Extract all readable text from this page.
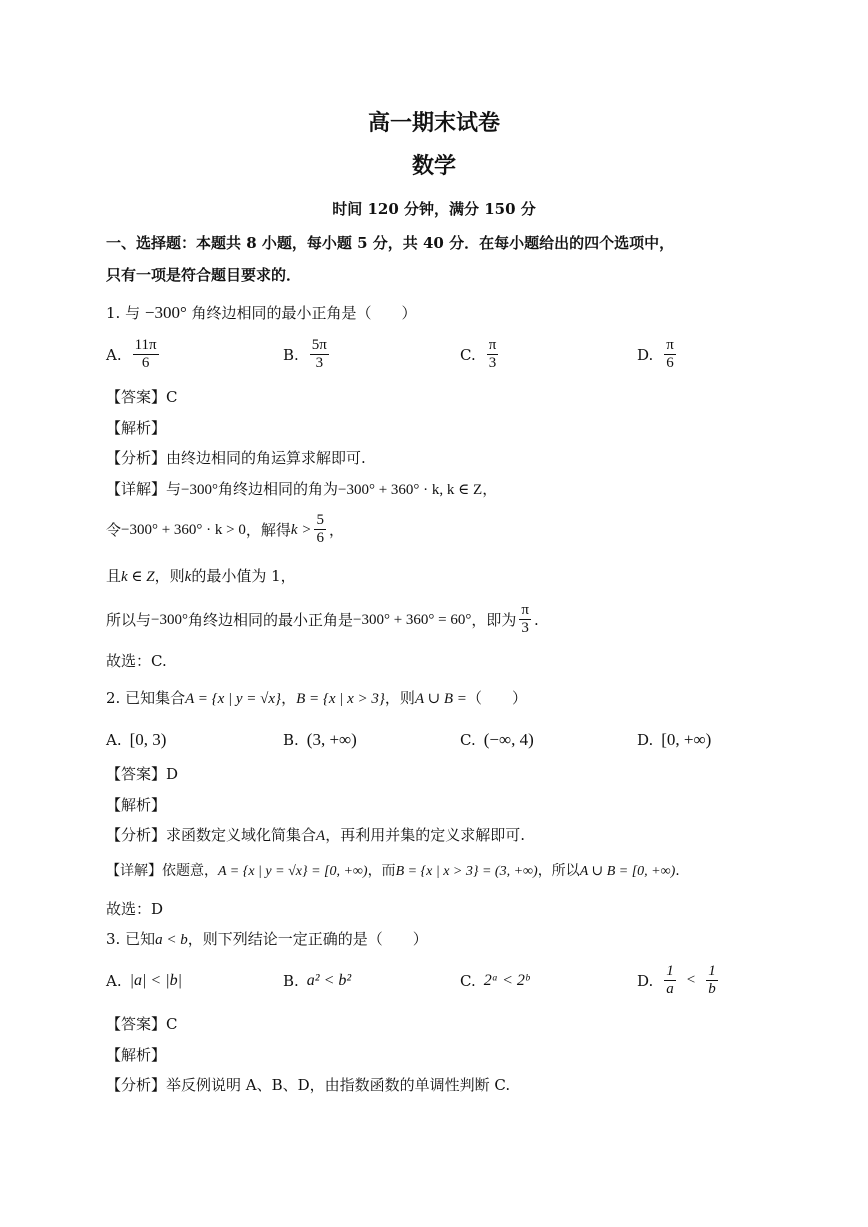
高一期末试卷
数学
时间 120 分钟，满分 150 分
一、选择题：本题共 8 小题，每小题 5 分，共 40 分．在每小题给出的四个选项中，
只有一项是符合题目要求的．
1. 与 −300° 角终边相同的最小正角是（　　）
A. $\frac{11\pi}{6}$	B. $\frac{5\pi}{3}$	C. $\frac{\pi}{3}$	D. $\frac{\pi}{6}$
【答案】C
【解析】
【分析】由终边相同的角运算求解即可.
【详解】与−300°角终边相同的角为−300° + 360° · k, k ∈ Z，
令 −300° + 360° · k > 0 ，解得 $k > \frac{5}{6}$ ，
且k ∈ Z，则k的最小值为 1，
所以与 −300° 角终边相同的最小正角是 −300° + 360° = 60° ，即为 $\frac{\pi}{3}$ .
故选：C.
2. 已知集合A = {x | y = √x}，B = {x | x > 3}，则A ∪ B =（　　）
A. [0, 3)	B. (3, +∞)	C. (−∞, 4)	D. [0, +∞)
【答案】D
【解析】
【分析】求函数定义域化简集合A，再利用并集的定义求解即可.
【详解】依题意，A = {x | y = √x} = [0, +∞)，而B = {x | x > 3} = (3, +∞)，所以A ∪ B = [0, +∞).
故选：D
3. 已知a < b，则下列结论一定正确的是（　　）
A. |a| < |b|	B. a² < b²	C. 2ᵃ < 2ᵇ	D. $\frac{1}{a} < \frac{1}{b}$
【答案】C
【解析】
【分析】举反例说明 A、B、D，由指数函数的单调性判断 C.
